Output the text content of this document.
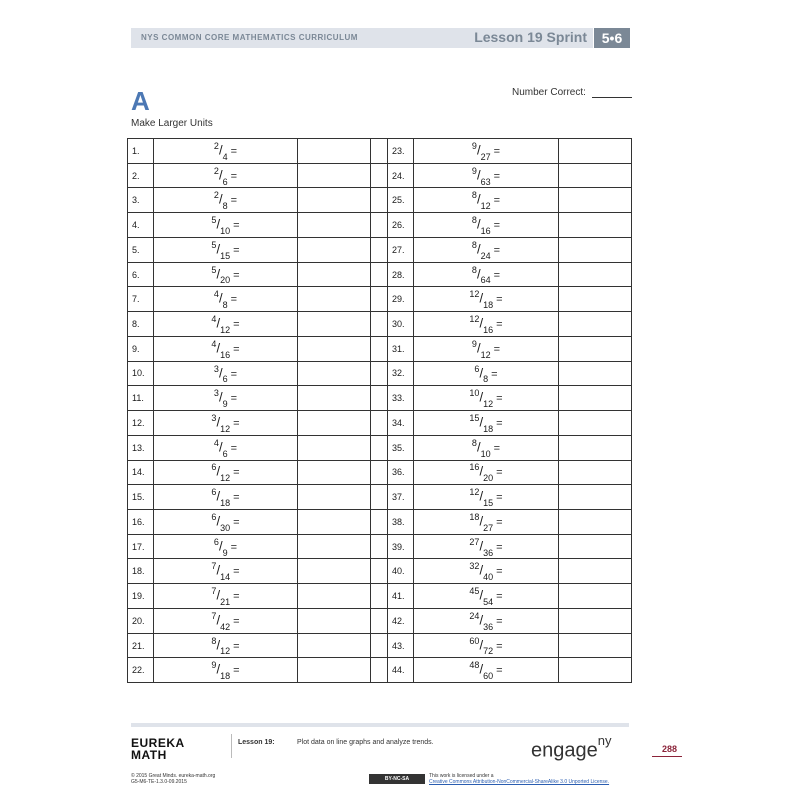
NYS COMMON CORE MATHEMATICS CURRICULUM	Lesson 19 Sprint	5•6
A
Make Larger Units
Number Correct:
1.	$^2/_4$ =	23.	$^9/_{27}$ =
2.	$^2/_6$ =	24.	$^9/_{63}$ =
3.	$^2/_8$ =	25.	$^8/_{12}$ =
4.	$^5/_{10}$ =	26.	$^8/_{16}$ =
5.	$^5/_{15}$ =	27.	$^8/_{24}$ =
6.	$^5/_{20}$ =	28.	$^8/_{64}$ =
7.	$^4/_8$ =	29.	$^{12}/_{18}$ =
8.	$^4/_{12}$ =	30.	$^{12}/_{16}$ =
9.	$^4/_{16}$ =	31.	$^9/_{12}$ =
10.	$^3/_6$ =	32.	$^6/_8$ =
11.	$^3/_9$ =	33.	$^{10}/_{12}$ =
12.	$^3/_{12}$ =	34.	$^{15}/_{18}$ =
13.	$^4/_6$ =	35.	$^8/_{10}$ =
14.	$^6/_{12}$ =	36.	$^{16}/_{20}$ =
15.	$^6/_{18}$ =	37.	$^{12}/_{15}$ =
16.	$^6/_{30}$ =	38.	$^{18}/_{27}$ =
17.	$^6/_9$ =	39.	$^{27}/_{36}$ =
18.	$^7/_{14}$ =	40.	$^{32}/_{40}$ =
19.	$^7/_{21}$ =	41.	$^{45}/_{54}$ =
20.	$^7/_{42}$ =	42.	$^{24}/_{36}$ =
21.	$^8/_{12}$ =	43.	$^{60}/_{72}$ =
22.	$^9/_{18}$ =	44.	$^{48}/_{60}$ =
EUREKA
MATH
Lesson 19:	Plot data on line graphs and analyze trends.	engage$^{ny}$
288
© 2015 Great Minds. eureka-math.org
G5-M6-TE-1.3.0-09.2015	BY-NC-SA	This work is licensed under a
Creative Commons Attribution-NonCommercial-ShareAlike 3.0 Unported License.
